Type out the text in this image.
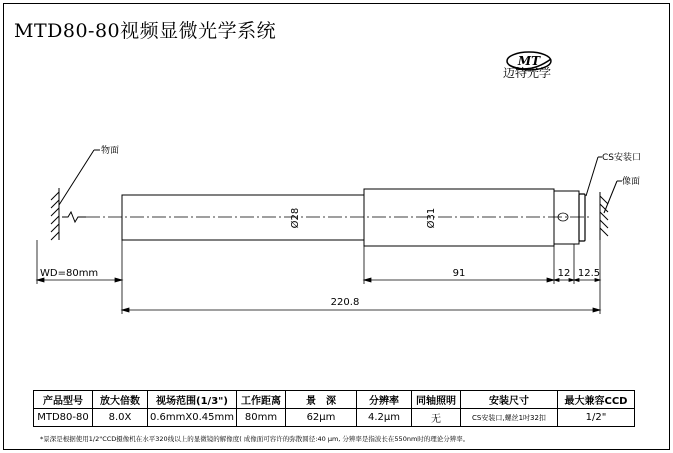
MTD80-80视频显微光学系统
MT
迈特光学
物面
Ø28	Ø31
CS安装口
像面
WD=80mm	91	12 12.5
220.8
产品型号	放大倍数	视场范围(1/3")	工作距离	景　深	分辨率	同轴照明	安装尺寸	最大兼容CCD
MTD80-80	8.0X	0.6mmX0.45mm	80mm	62μm	4.2μm	无	CS安装口,螺丝1吋32扣	1/2"
*景深是根据使用1/2"CCD摄像机在水平320线以上的显微镜的解像度( 成像面可容许的弥散圆径:40 μm, 分辨率是指波长在550nm时的理论分辨率。
